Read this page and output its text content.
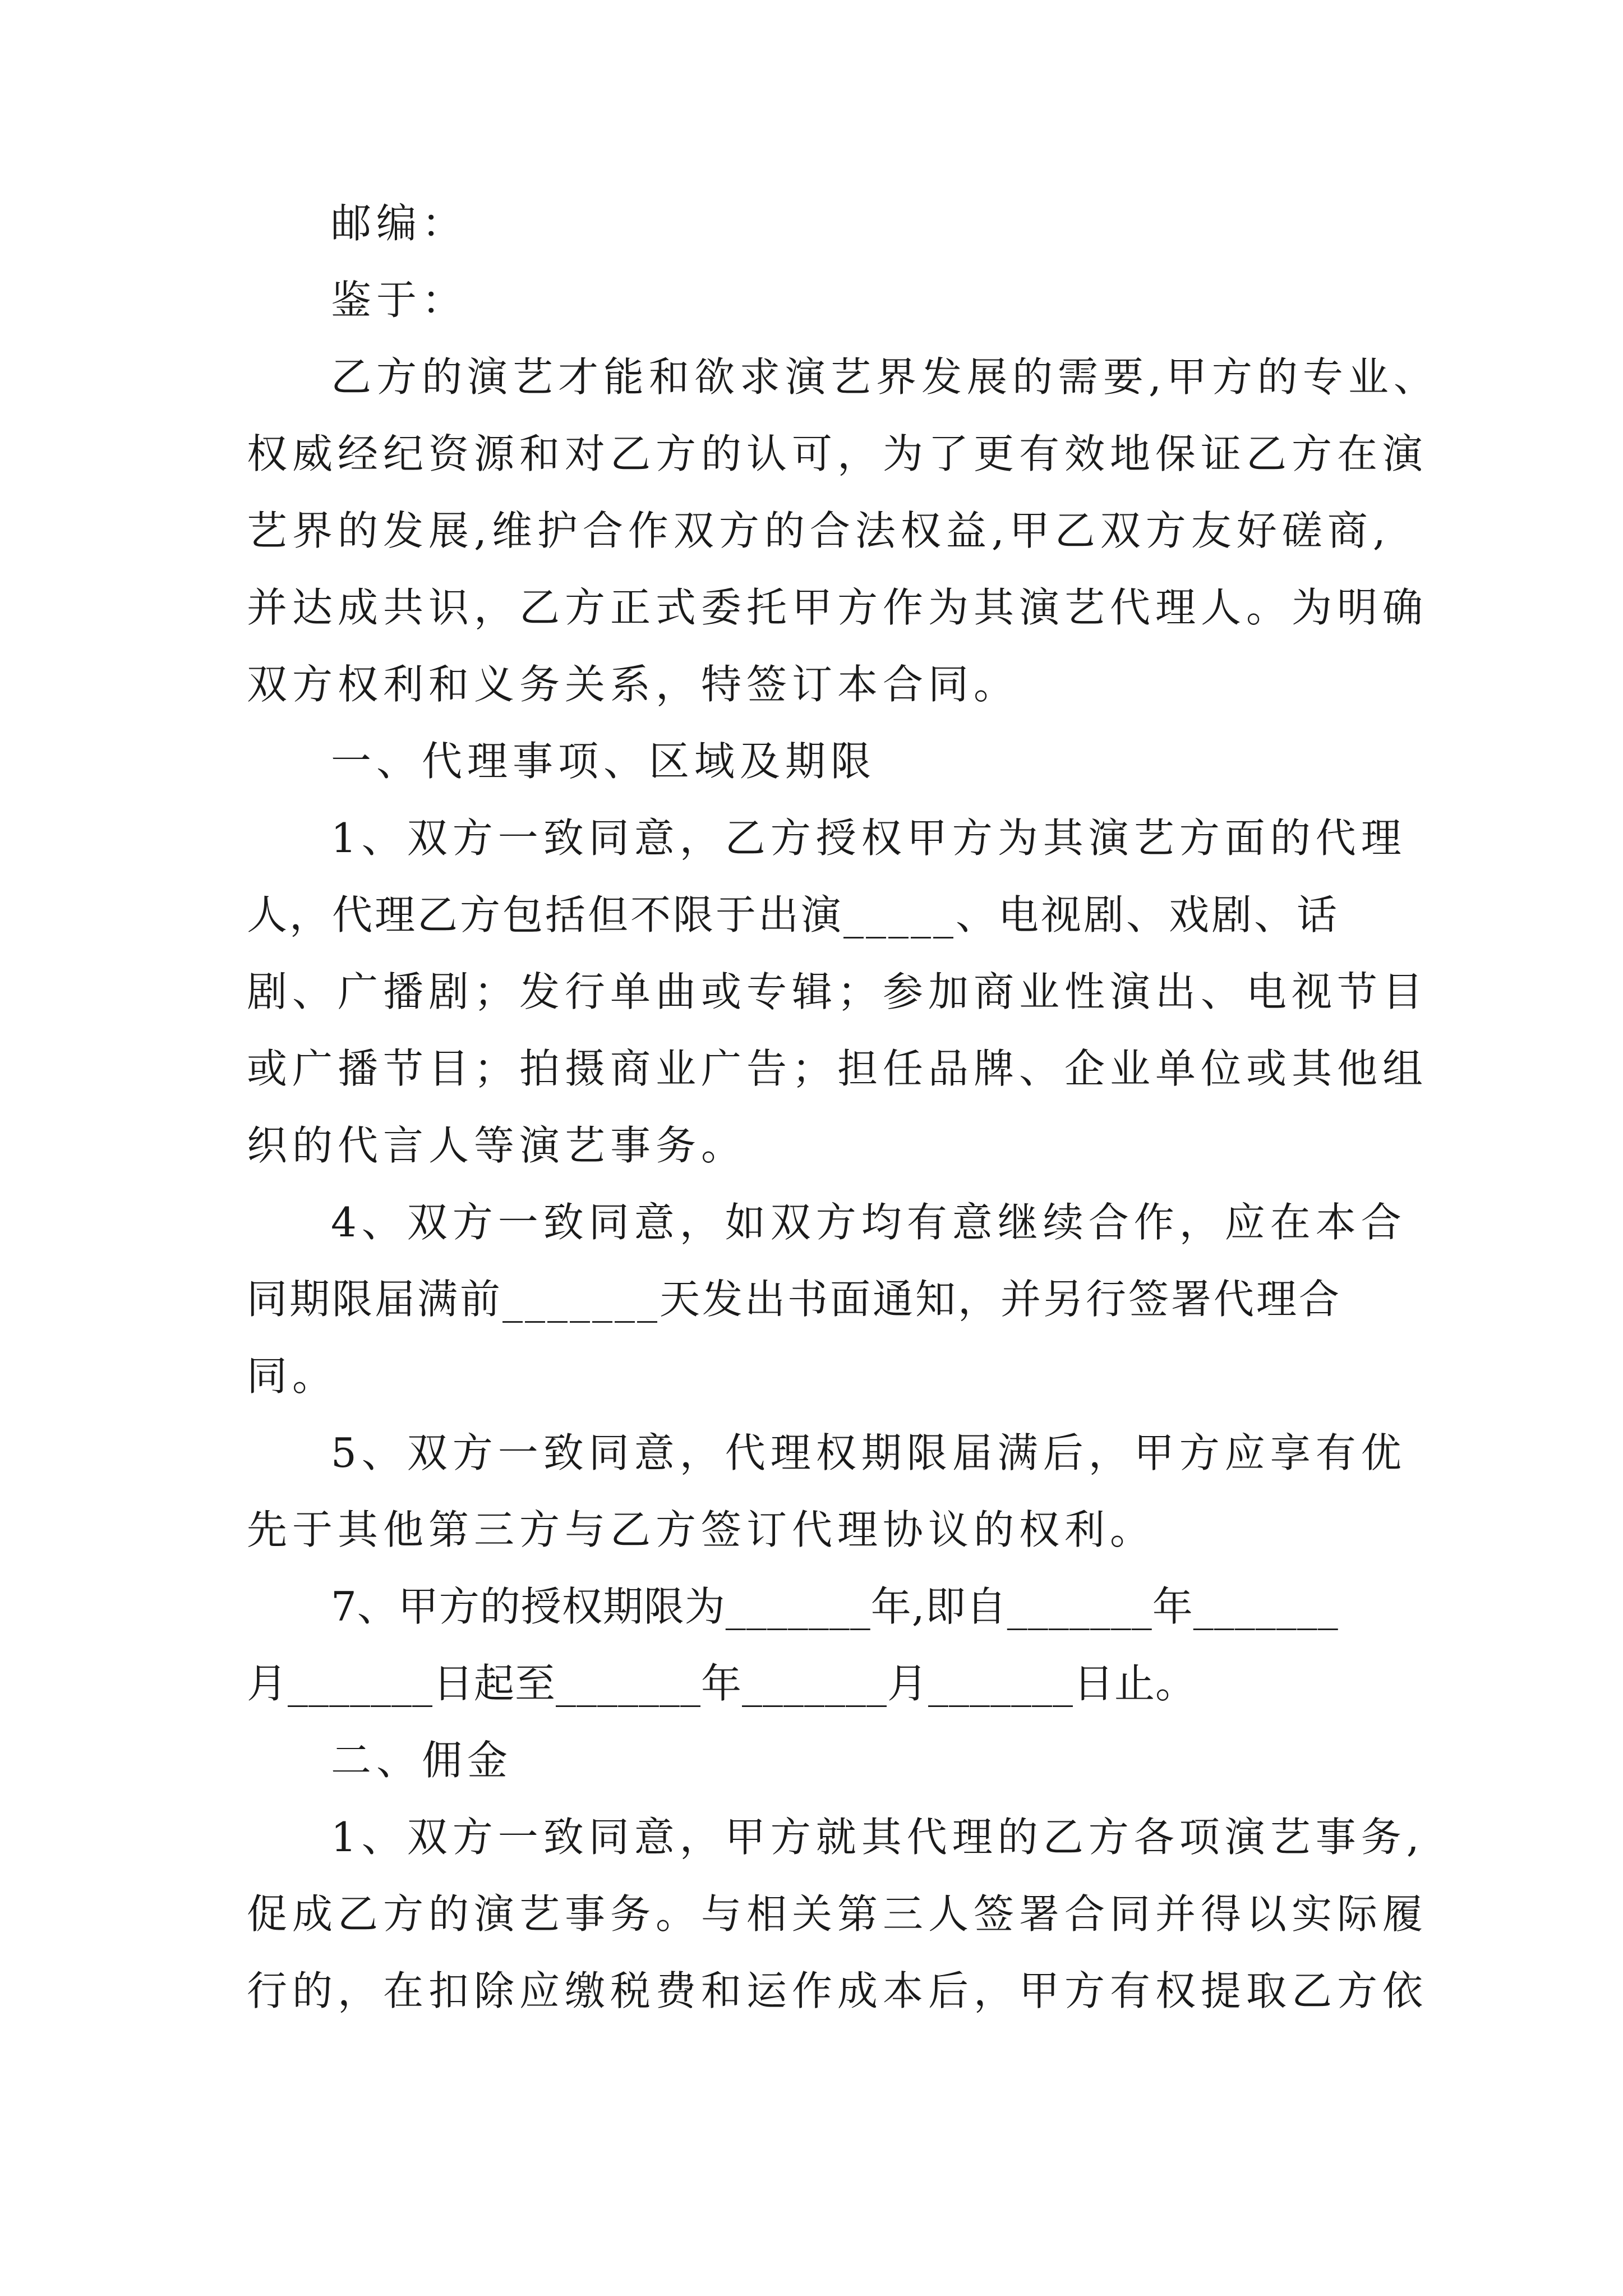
邮编：
鉴于：
乙方的演艺才能和欲求演艺界发展的需要,甲方的专业、
权威经纪资源和对乙方的认可，为了更有效地保证乙方在演
艺界的发展,维护合作双方的合法权益,甲乙双方友好磋商,
并达成共识，乙方正式委托甲方作为其演艺代理人。为明确
双方权利和义务关系，特签订本合同。
一、代理事项、区域及期限
1、双方一致同意，乙方授权甲方为其演艺方面的代理
人，代理乙方包括但不限于出演_____、电视剧、戏剧、话
剧、广播剧；发行单曲或专辑；参加商业性演出、电视节目
或广播节目；拍摄商业广告；担任品牌、企业单位或其他组
织的代言人等演艺事务。
4、双方一致同意，如双方均有意继续合作，应在本合
同期限届满前_______天发出书面通知，并另行签署代理合
同。
5、双方一致同意，代理权期限届满后，甲方应享有优
先于其他第三方与乙方签订代理协议的权利。
7、甲方的授权期限为_______年,即自_______年_______
月_______日起至_______年_______月_______日止。
二、佣金
1、双方一致同意，甲方就其代理的乙方各项演艺事务,
促成乙方的演艺事务。与相关第三人签署合同并得以实际履
行的，在扣除应缴税费和运作成本后，甲方有权提取乙方依
